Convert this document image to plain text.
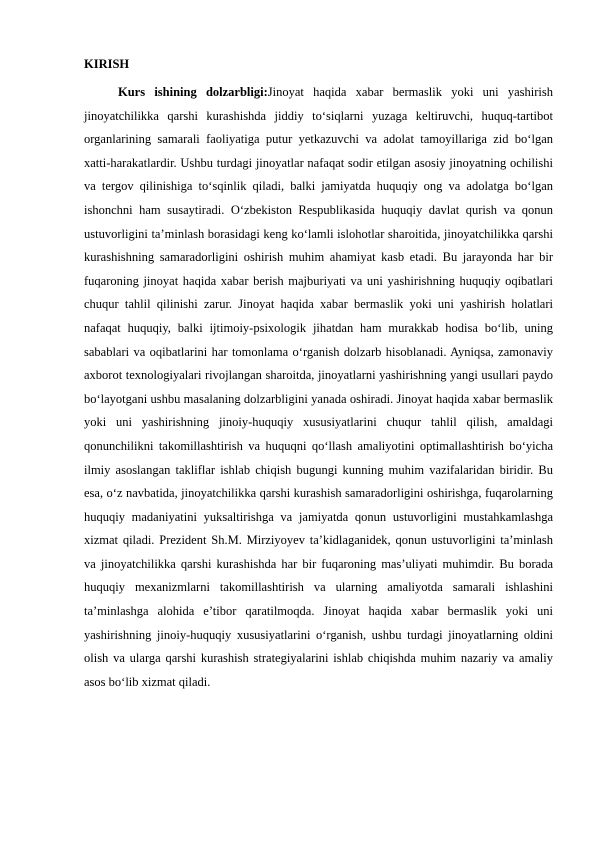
KIRISH

Kurs ishining dolzarbligi:Jinoyat haqida xabar bermaslik yoki uni yashirish jinoyatchilikka qarshi kurashishda jiddiy to‘siqlarni yuzaga keltiruvchi, huquq-tartibot organlarining samarali faoliyatiga putur yetkazuvchi va adolat tamoyillariga zid bo‘lgan xatti-harakatlardir. Ushbu turdagi jinoyatlar nafaqat sodir etilgan asosiy jinoyatning ochilishi va tergov qilinishiga to‘sqinlik qiladi, balki jamiyatda huquqiy ong va adolatga bo‘lgan ishonchni ham susaytiradi. O‘zbekiston Respublikasida huquqiy davlat qurish va qonun ustuvorligini ta’minlash borasidagi keng ko‘lamli islohotlar sharoitida, jinoyatchilikka qarshi kurashishning samaradorligini oshirish muhim ahamiyat kasb etadi. Bu jarayonda har bir fuqaroning jinoyat haqida xabar berish majburiyati va uni yashirishning huquqiy oqibatlari chuqur tahlil qilinishi zarur. Jinoyat haqida xabar bermaslik yoki uni yashirish holatlari nafaqat huquqiy, balki ijtimoiy-psixologik jihatdan ham murakkab hodisa bo‘lib, uning sabablari va oqibatlarini har tomonlama o‘rganish dolzarb hisoblanadi. Ayniqsa, zamonaviy axborot texnologiyalari rivojlangan sharoitda, jinoyatlarni yashirishning yangi usullari paydo bo‘layotgani ushbu masalaning dolzarbligini yanada oshiradi. Jinoyat haqida xabar bermaslik yoki uni yashirishning jinoiy-huquqiy xususiyatlarini chuqur tahlil qilish, amaldagi qonunchilikni takomillashtirish va huquqni qo‘llash amaliyotini optimallashtirish bo‘yicha ilmiy asoslangan takliflar ishlab chiqish bugungi kunning muhim vazifalaridan biridir. Bu esa, o‘z navbatida, jinoyatchilikka qarshi kurashish samaradorligini oshirishga, fuqarolarning huquqiy madaniyatini yuksaltirishga va jamiyatda qonun ustuvorligini mustahkamlashga xizmat qiladi. Prezident Sh.M. Mirziyoyev ta’kidlaganidek, qonun ustuvorligini ta’minlash va jinoyatchilikka qarshi kurashishda har bir fuqaroning mas’uliyati muhimdir. Bu borada huquqiy mexanizmlarni takomillashtirish va ularning amaliyotda samarali ishlashini ta’minlashga alohida e’tibor qaratilmoqda. Jinoyat haqida xabar bermaslik yoki uni yashirishning jinoiy-huquqiy xususiyatlarini o‘rganish, ushbu turdagi jinoyatlarning oldini olish va ularga qarshi kurashish strategiyalarini ishlab chiqishda muhim nazariy va amaliy asos bo‘lib xizmat qiladi.
